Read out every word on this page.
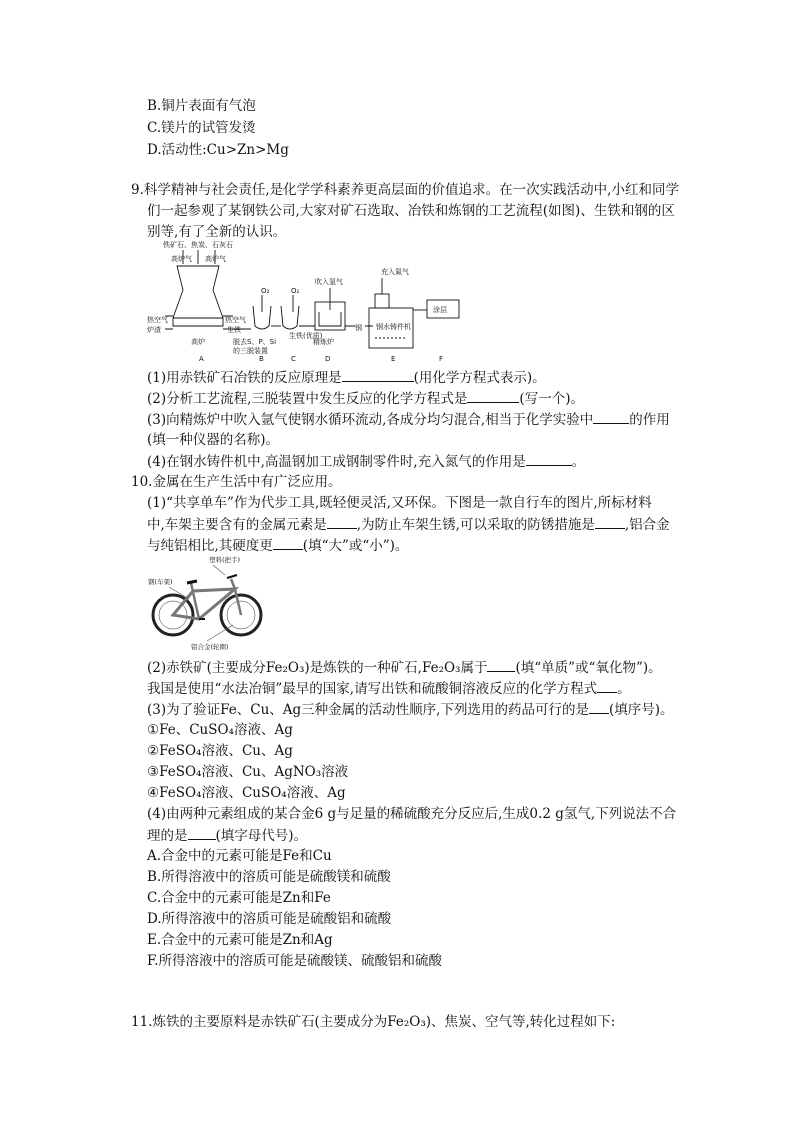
B.铜片表面有气泡
C.镁片的试管发烫
D.活动性:Cu>Zn>Mg
9.科学精神与社会责任,是化学学科素养更高层面的价值追求。在一次实践活动中,小红和同学
们一起参观了某钢铁公司,大家对矿石选取、冶铁和炼钢的工艺流程(如图)、生铁和钢的区
别等,有了全新的认识。
铁矿石、焦炭、石灰石
高炉气 高炉气
热空气
炉渣
热空气
生铁
高炉
O₂	O₂
脱去S、P、Si
的三脱装置
生铁(优质)
吹入氩气
精炼炉
钢
充入氮气
钢水铸件机
涂层
A	B	C	D	E	F
(1)用赤铁矿石冶铁的反应原理是	(用化学方程式表示)。
(2)分析工艺流程,三脱装置中发生反应的化学方程式是	(写一个)。
(3)向精炼炉中吹入氩气使钢水循环流动,各成分均匀混合,相当于化学实验中	的作用
(填一种仪器的名称)。
(4)在钢水铸件机中,高温钢加工成钢制零件时,充入氮气的作用是	。
10.金属在生产生活中有广泛应用。
(1)“共享单车”作为代步工具,既轻便灵活,又环保。下图是一款自行车的图片,所标材料
中,车架主要含有的金属元素是 ,为防止车架生锈,可以采取的防锈措施是 ,铝合金
与纯铝相比,其硬度更 (填“大”或“小”)。
塑料(把手)
钢(车架)
铝合金(轮圈)
(2)赤铁矿(主要成分Fe₂O₃)是炼铁的一种矿石,Fe₂O₃属于 (填“单质”或“氧化物”)。
我国是使用“水法冶铜”最早的国家,请写出铁和硫酸铜溶液反应的化学方程式 。
(3)为了验证Fe、Cu、Ag三种金属的活动性顺序,下列选用的药品可行的是 (填序号)。
①Fe、CuSO₄溶液、Ag
②FeSO₄溶液、Cu、Ag
③FeSO₄溶液、Cu、AgNO₃溶液
④FeSO₄溶液、CuSO₄溶液、Ag
(4)由两种元素组成的某合金6 g与足量的稀硫酸充分反应后,生成0.2 g氢气,下列说法不合
理的是 (填字母代号)。
A.合金中的元素可能是Fe和Cu
B.所得溶液中的溶质可能是硫酸镁和硫酸
C.合金中的元素可能是Zn和Fe
D.所得溶液中的溶质可能是硫酸铝和硫酸
E.合金中的元素可能是Zn和Ag
F.所得溶液中的溶质可能是硫酸镁、硫酸铝和硫酸
11.炼铁的主要原料是赤铁矿石(主要成分为Fe₂O₃)、焦炭、空气等,转化过程如下:
